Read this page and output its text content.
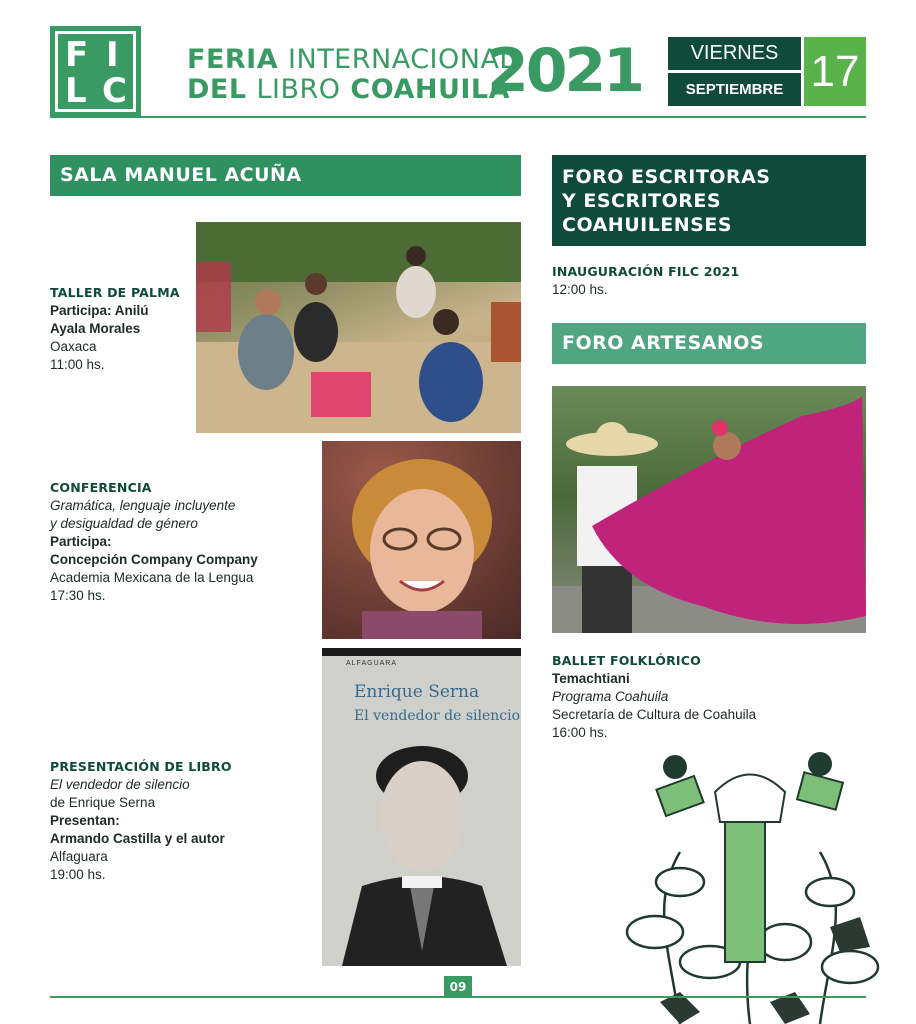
F I
L C
FERIA INTERNACIONAL
DEL LIBRO COAHUILA
2021	VIERNES
SEPTIEMBRE 17
SALA MANUEL ACUÑA
TALLER DE PALMA
Participa: Anilú
Ayala Morales
Oaxaca
11:00 hs.
CONFERENCIA
Gramática, lenguaje incluyente
y desigualdad de género
Participa:
Concepción Company Company
Academia Mexicana de la Lengua
17:30 hs.
PRESENTACIÓN DE LIBRO
El vendedor de silencio
de Enrique Serna
Presentan:
Armando Castilla y el autor
Alfaguara
19:00 hs.
ALFAGUARA
Enrique Serna
El vendedor de silencio
FORO ESCRITORAS
Y ESCRITORES
COAHUILENSES
INAUGURACIÓN FILC 2021
12:00 hs.
FORO ARTESANOS
BALLET FOLKLÓRICO
Temachtiani
Programa Coahuila
Secretaría de Cultura de Coahuila
16:00 hs.
09
